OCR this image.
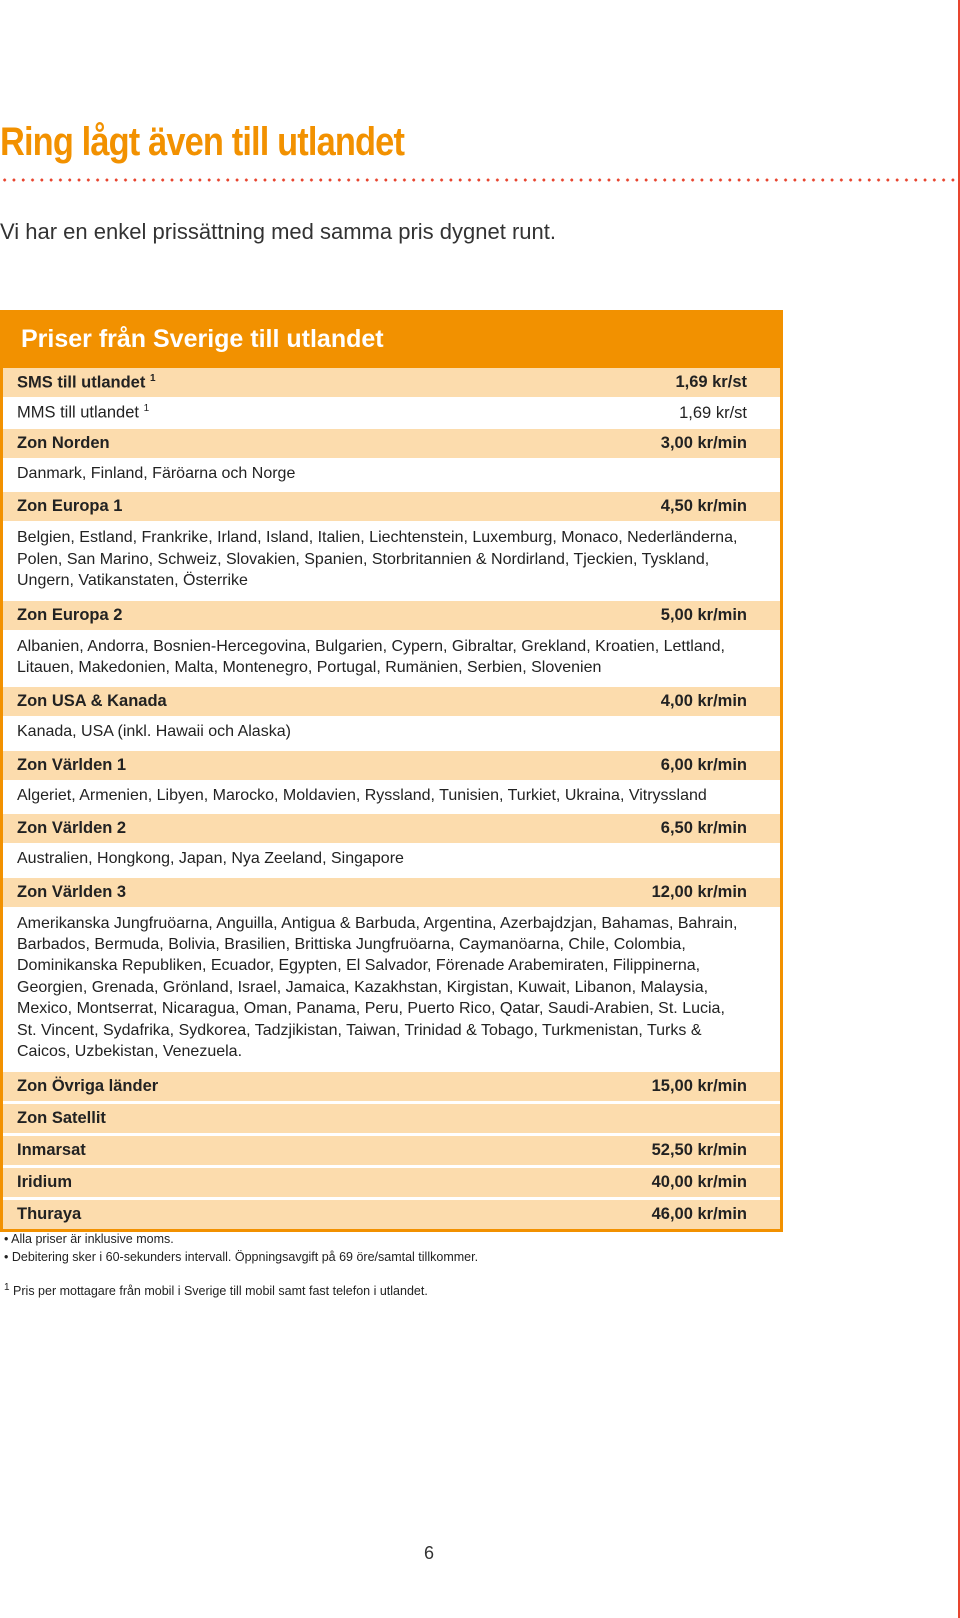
Ring lågt även till utlandet
Vi har en enkel prissättning med samma pris dygnet runt.
Priser från Sverige till utlandet
SMS till utlandet $^1$	1,69 kr/st
MMS till utlandet $^1$	1,69 kr/st
Zon Norden	3,00 kr/min
Danmark, Finland, Färöarna och Norge
Zon Europa 1	4,50 kr/min
Belgien, Estland, Frankrike, Irland, Island, Italien, Liechtenstein, Luxemburg, Monaco, Nederländerna, Polen, San Marino, Schweiz, Slovakien, Spanien, Storbritannien & Nordirland, Tjeckien, Tyskland, Ungern, Vatikanstaten, Österrike
Zon Europa 2	5,00 kr/min
Albanien, Andorra, Bosnien-Hercegovina, Bulgarien, Cypern, Gibraltar, Grekland, Kroatien, Lettland, Litauen, Makedonien, Malta, Montenegro, Portugal, Rumänien, Serbien, Slovenien
Zon USA & Kanada	4,00 kr/min
Kanada, USA (inkl. Hawaii och Alaska)
Zon Världen 1	6,00 kr/min
Algeriet, Armenien, Libyen, Marocko, Moldavien, Ryssland, Tunisien, Turkiet, Ukraina, Vitryssland
Zon Världen 2	6,50 kr/min
Australien, Hongkong, Japan, Nya Zeeland, Singapore
Zon Världen 3	12,00 kr/min
Amerikanska Jungfruöarna, Anguilla, Antigua & Barbuda, Argentina, Azerbajdzjan, Bahamas, Bahrain, Barbados, Bermuda, Bolivia, Brasilien, Brittiska Jungfruöarna, Caymanöarna, Chile, Colombia, Dominikanska Republiken, Ecuador, Egypten, El Salvador, Förenade Arabemiraten, Filippinerna, Georgien, Grenada, Grönland, Israel, Jamaica, Kazakhstan, Kirgistan, Kuwait, Libanon, Malaysia, Mexico, Montserrat, Nicaragua, Oman, Panama, Peru, Puerto Rico, Qatar, Saudi-Arabien, St. Lucia, St. Vincent, Sydafrika, Sydkorea, Tadzjikistan, Taiwan, Trinidad & Tobago, Turkmenistan, Turks & Caicos, Uzbekistan, Venezuela.
Zon Övriga länder	15,00 kr/min
Zon Satellit
Inmarsat	52,50 kr/min
Iridium	40,00 kr/min
Thuraya	46,00 kr/min
• Alla priser är inklusive moms.
• Debitering sker i 60-sekunders intervall. Öppningsavgift på 69 öre/samtal tillkommer.
$^1$ Pris per mottagare från mobil i Sverige till mobil samt fast telefon i utlandet.
6
